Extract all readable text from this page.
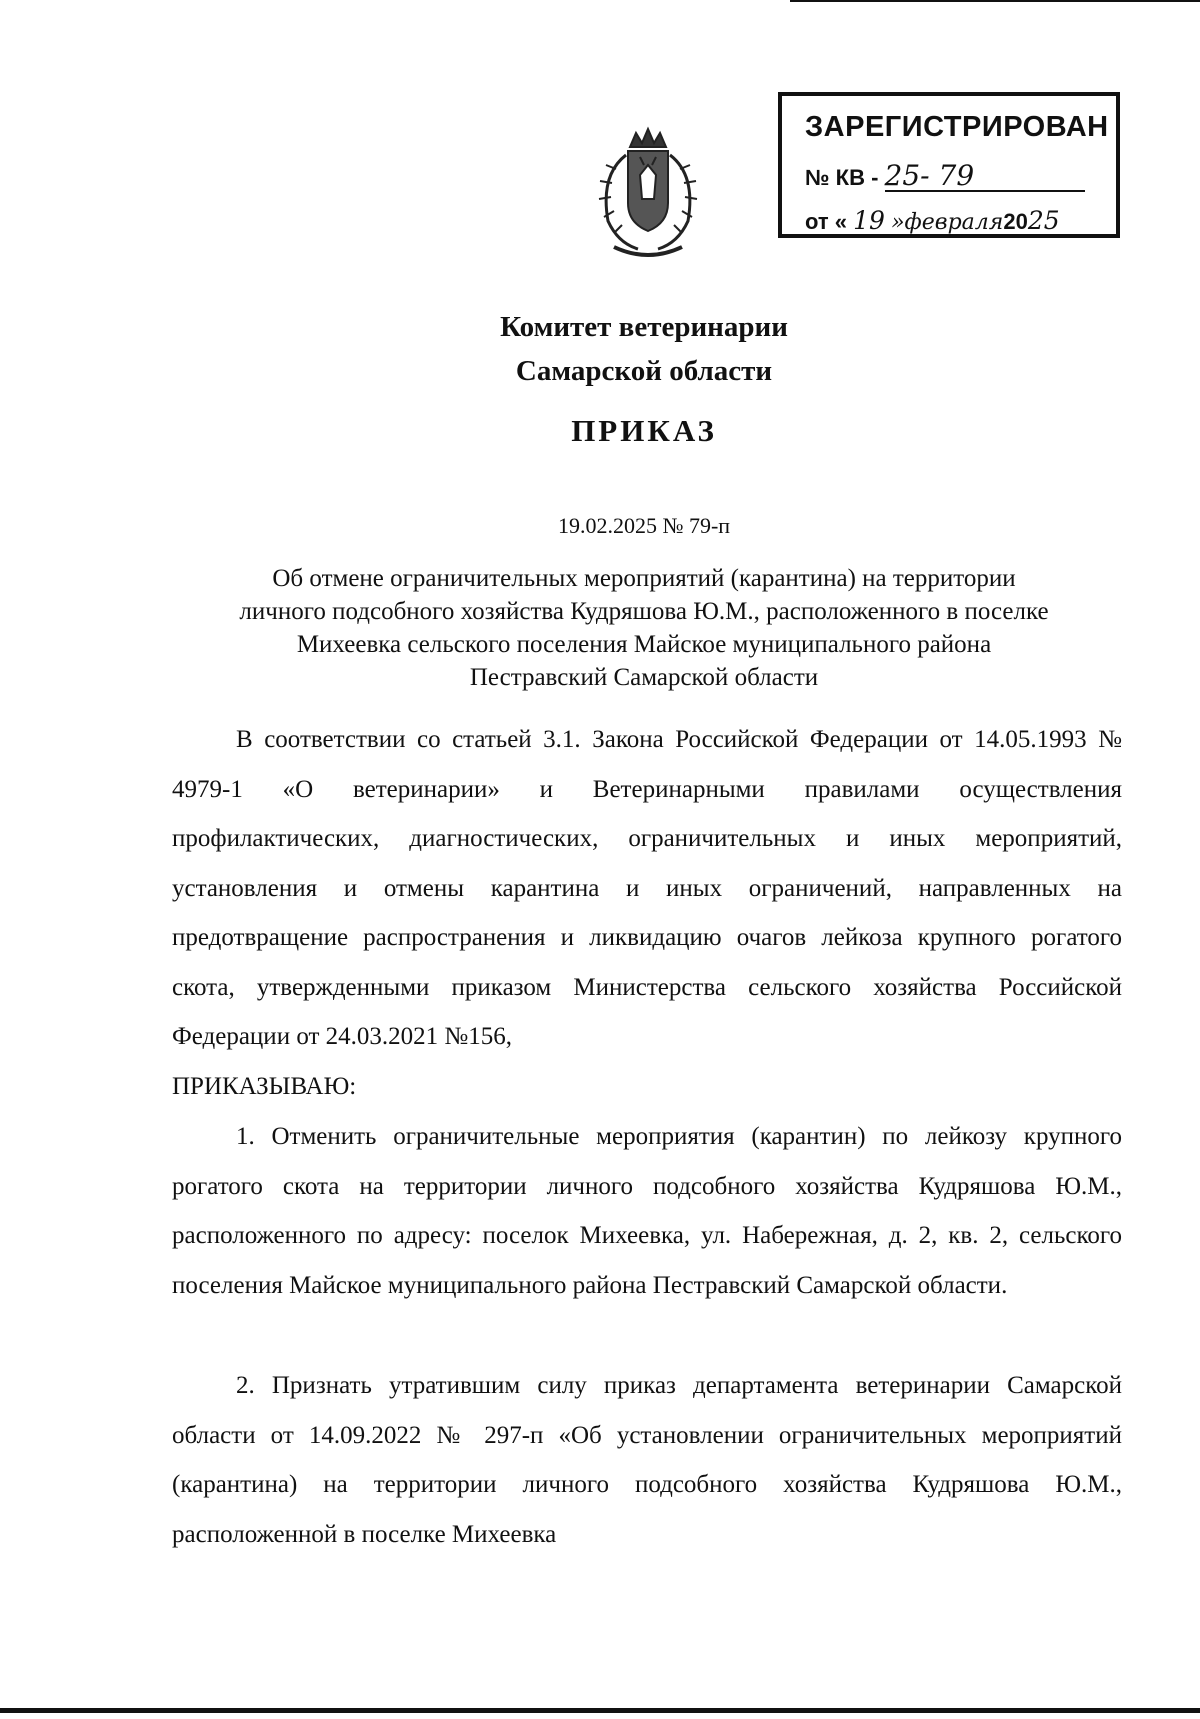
ЗАРЕГИСТРИРОВАН
№ КВ - 25- 79
от « 19 »февраля2025
Комитет ветеринарии
Самарской области
ПРИКАЗ
19.02.2025 № 79-п
Об отмене ограничительных мероприятий (карантина) на территории
личного подсобного хозяйства Кудряшова Ю.М., расположенного в поселке
Михеевка сельского поселения Майское муниципального района
Пестравский Самарской области

В соответствии со статьей 3.1. Закона Российской Федерации от 14.05.1993 № 4979-1 «О ветеринарии» и Ветеринарными правилами осуществления профилактических, диагностических, ограничительных и иных мероприятий, установления и отмены карантина и иных ограничений, направленных на предотвращение распространения и ликвидацию очагов лейкоза крупного рогатого скота, утвержденными приказом Министерства сельского хозяйства Российской Федерации от 24.03.2021 №156,

ПРИКАЗЫВАЮ:

1. Отменить ограничительные мероприятия (карантин) по лейкозу крупного рогатого скота на территории личного подсобного хозяйства Кудряшова Ю.М., расположенного по адресу: поселок Михеевка, ул. Набережная, д. 2, кв. 2, сельского поселения Майское муниципального района Пестравский Самарской области.

2. Признать утратившим силу приказ департамента ветеринарии Самарской области от 14.09.2022 № 297-п «Об установлении ограничительных мероприятий (карантина) на территории личного подсобного хозяйства Кудряшова Ю.М., расположенной в поселке Михеевка
